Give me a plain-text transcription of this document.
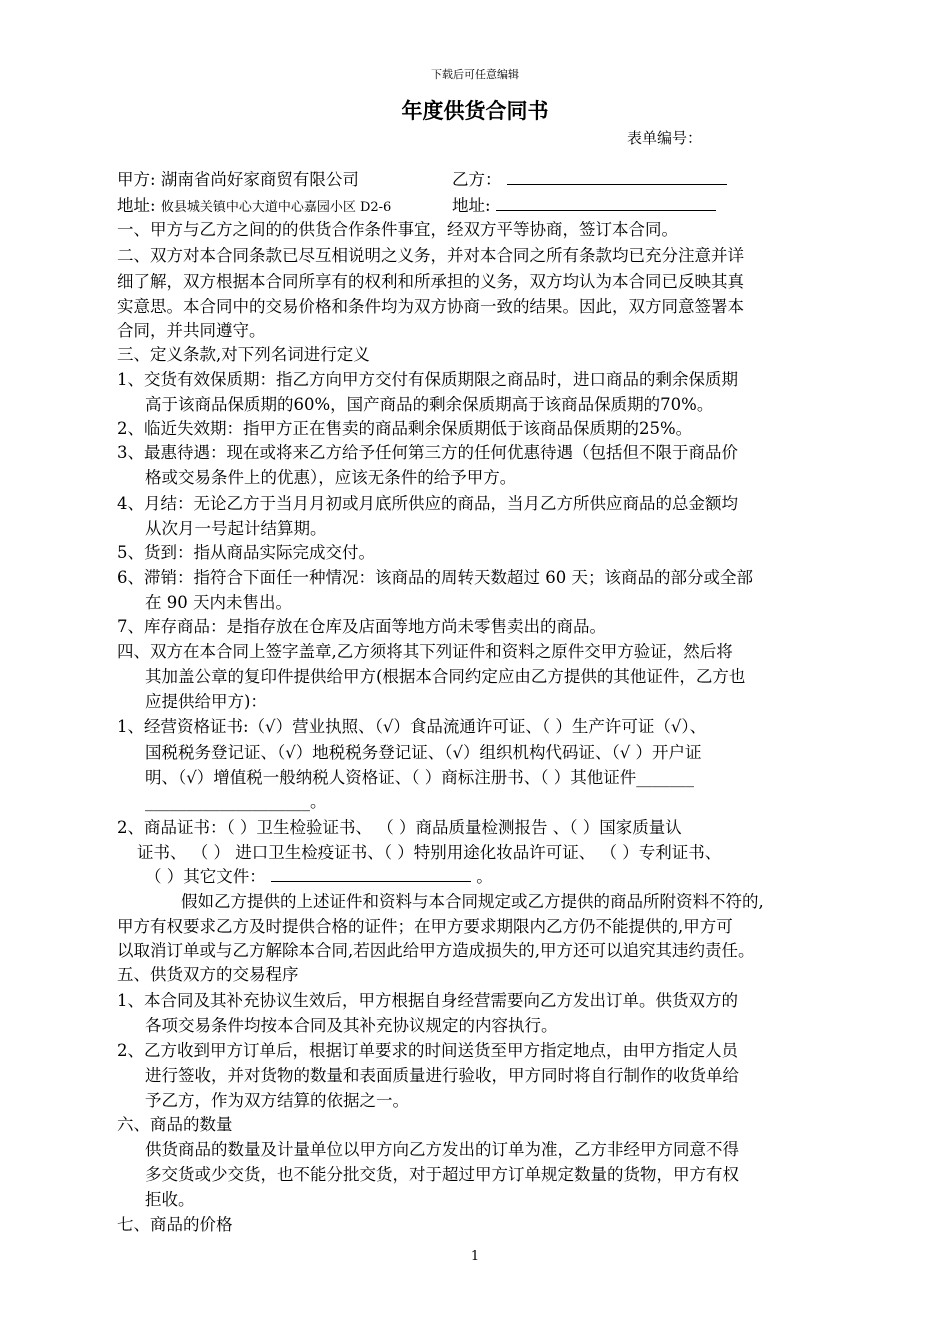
下载后可任意编辑
年度供货合同书
表单编号：
甲方: 湖南省尚好家商贸有限公司	乙方：
地址: 攸县城关镇中心大道中心嘉园小区 D2-6	地址:
一、甲方与乙方之间的的供货合作条件事宜，经双方平等协商，签订本合同。
二、双方对本合同条款已尽互相说明之义务，并对本合同之所有条款均已充分注意并详
细了解，双方根据本合同所享有的权利和所承担的义务，双方均认为本合同已反映其真
实意思。本合同中的交易价格和条件均为双方协商一致的结果。因此，双方同意签署本
合同，并共同遵守。
三、定义条款,对下列名词进行定义
1、交货有效保质期：指乙方向甲方交付有保质期限之商品时，进口商品的剩余保质期
高于该商品保质期的60%，国产商品的剩余保质期高于该商品保质期的70%。
2、临近失效期：指甲方正在售卖的商品剩余保质期低于该商品保质期的25%。
3、最惠待遇：现在或将来乙方给予任何第三方的任何优惠待遇（包括但不限于商品价
格或交易条件上的优惠），应该无条件的给予甲方。
4、月结：无论乙方于当月月初或月底所供应的商品，当月乙方所供应商品的总金额均
从次月一号起计结算期。
5、货到：指从商品实际完成交付。
6、滞销：指符合下面任一种情况：该商品的周转天数超过 60 天；该商品的部分或全部
在 90 天内未售出。
7、库存商品：是指存放在仓库及店面等地方尚未零售卖出的商品。
四、双方在本合同上签字盖章,乙方须将其下列证件和资料之原件交甲方验证，然后将
其加盖公章的复印件提供给甲方(根据本合同约定应由乙方提供的其他证件，乙方也
应提供给甲方)：
1、经营资格证书:（√）营业执照、（√）食品流通许可证、（ ）生产许可证（√）、
国税税务登记证、（√）地税税务登记证、（√）组织机构代码证、（√ ）开户证
明、（√）增值税一般纳税人资格证、（ ）商标注册书、（ ）其他证件_______
____________________。
2、商品证书：（ ）卫生检验证书、 （ ）商品质量检测报告 、（ ）国家质量认
证书、 （ ） 进口卫生检疫证书、（ ）特别用途化妆品许可证、 （ ）专利证书、
（ ）其它文件：	。
假如乙方提供的上述证件和资料与本合同规定或乙方提供的商品所附资料不符的,
甲方有权要求乙方及时提供合格的证件；在甲方要求期限内乙方仍不能提供的,甲方可
以取消订单或与乙方解除本合同,若因此给甲方造成损失的,甲方还可以追究其违约责任。
五、供货双方的交易程序
1、本合同及其补充协议生效后，甲方根据自身经营需要向乙方发出订单。供货双方的
各项交易条件均按本合同及其补充协议规定的内容执行。
2、乙方收到甲方订单后，根据订单要求的时间送货至甲方指定地点，由甲方指定人员
进行签收，并对货物的数量和表面质量进行验收，甲方同时将自行制作的收货单给
予乙方，作为双方结算的依据之一。
六、商品的数量
供货商品的数量及计量单位以甲方向乙方发出的订单为准，乙方非经甲方同意不得
多交货或少交货，也不能分批交货，对于超过甲方订单规定数量的货物，甲方有权
拒收。
七、商品的价格
1
